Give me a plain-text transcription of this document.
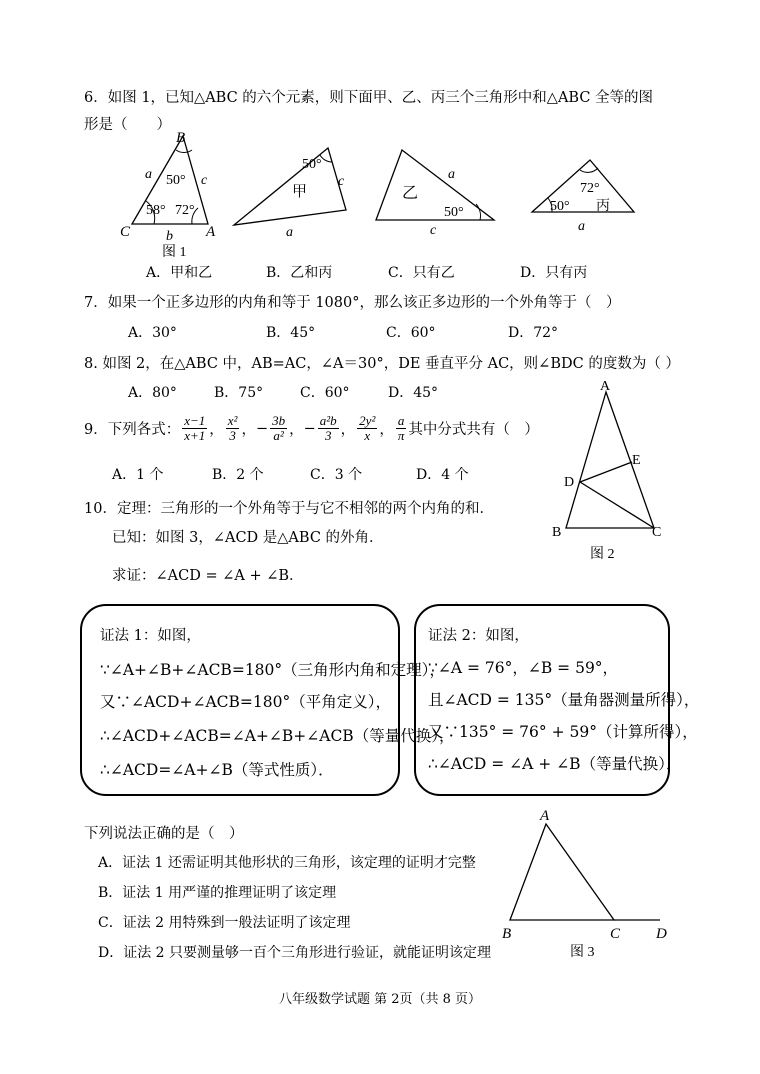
6．如图 1，已知△ABC 的六个元素，则下面甲、乙、丙三个三角形中和△ABC 全等的图
形是（　　）
B
C	A
a	c
b
50°
58° 72°
图 1
50°
甲
c
a
50°
乙
a
c
72°
50° 丙
a
A．甲和乙	B．乙和丙	C．只有乙	D．只有丙
7．如果一个正多边形的内角和等于 1080°，那么该正多边形的一个外角等于（　）
A．30°	B．45°	C．60°	D．72°
8. 如图 2，在△ABC 中，AB=AC，∠A＝30°，DE 垂直平分 AC，则∠BDC 的度数为（ ）
A．80°	B．75°	C．60°	D．45°	A
B	C
D
E
图 2
9．下列各式： $\frac{x-1}{x+1}$ ， $\frac{\text{x²}}{3}$ ， − $\frac{3b}{\text{a²}}$ ， − $\frac{\text{a²b}}{3}$ ， $\frac{\text{2y²}}{x}$ ， $\frac{a}{\pi}$ 其中分式共有（　）
A．1 个	B．2 个	C．3 个	D．4 个
10．定理：三角形的一个外角等于与它不相邻的两个内角的和．
已知：如图 3，∠ACD 是△ABC 的外角．
求证：∠ACD = ∠A + ∠B．
证法 1：如图，
∵∠A+∠B+∠ACB=180°（三角形内角和定理），
又∵∠ACD+∠ACB=180°（平角定义），
∴∠ACD+∠ACB=∠A+∠B+∠ACB（等量代换），
∴∠ACD=∠A+∠B（等式性质）．
证法 2：如图，
∵∠A = 76°，∠B = 59°，
且∠ACD = 135°（量角器测量所得），
又∵135° = 76° + 59°（计算所得），
∴∠ACD = ∠A + ∠B（等量代换）．
下列说法正确的是（　）
A．证法 1 还需证明其他形状的三角形，该定理的证明才完整
B．证法 1 用严谨的推理证明了该定理
C．证法 2 用特殊到一般法证明了该定理
D．证法 2 只要测量够一百个三角形进行验证，就能证明该定理
A
B	C D
图 3
八年级数学试题 第 2页（共 8 页）
